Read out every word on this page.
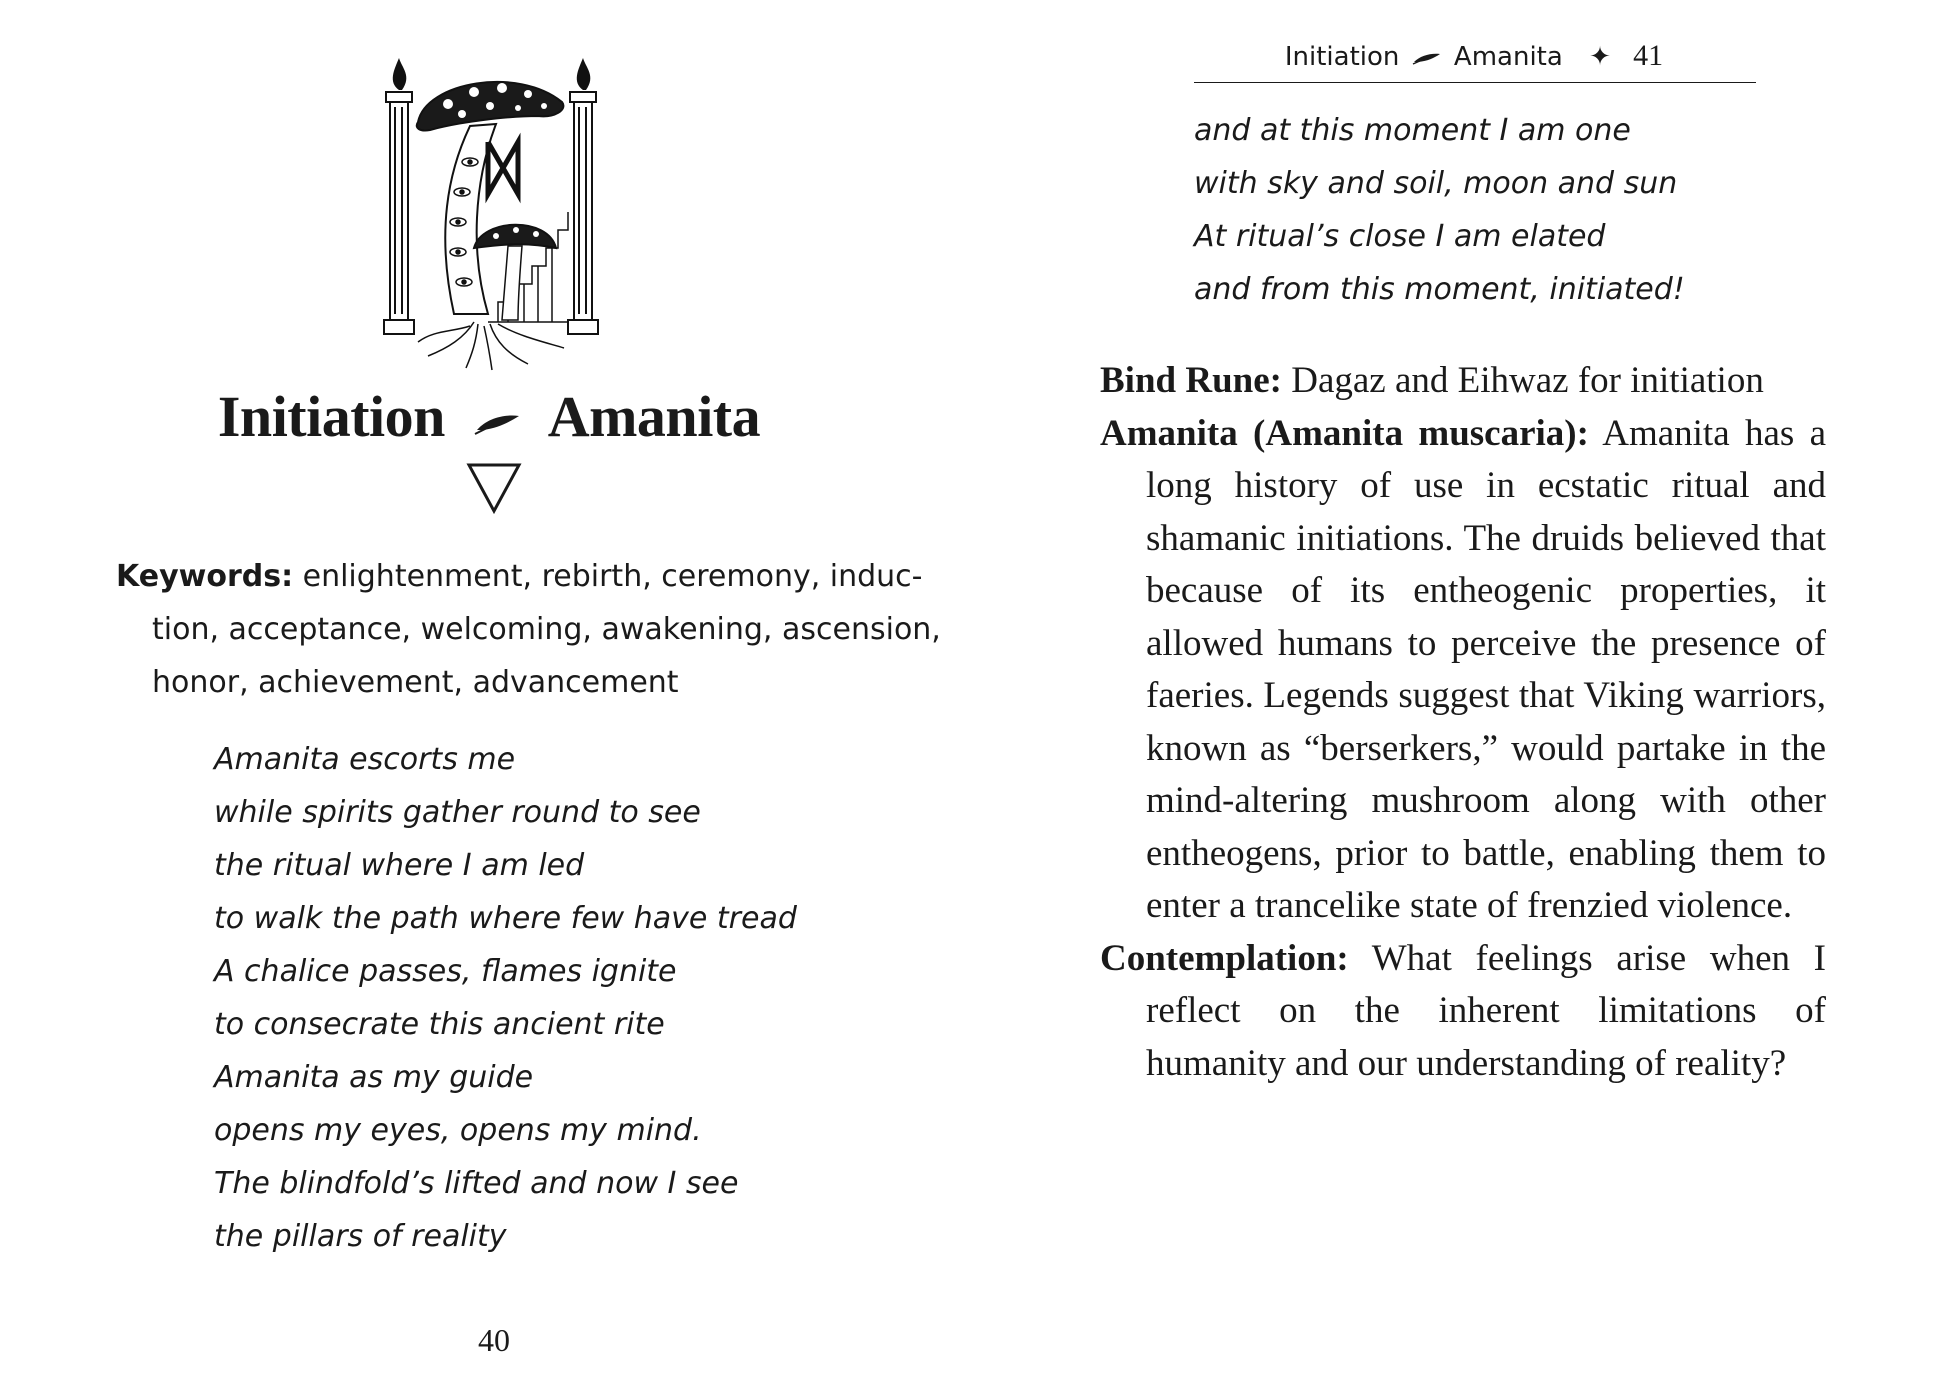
Initiation Amanita
Keywords: enlightenment, rebirth, ceremony, induc-
tion, acceptance, welcoming, awakening, ascension,
honor, achievement, advancement
Amanita escorts me
while spirits gather round to see
the ritual where I am led
to walk the path where few have tread
A chalice passes, flames ignite
to consecrate this ancient rite
Amanita as my guide
opens my eyes, opens my mind.
The blindfold’s lifted and now I see
the pillars of reality
40
Initiation Amanita ✦ 41
and at this moment I am one
with sky and soil, moon and sun
At ritual’s close I am elated
and from this moment, initiated!

Bind Rune: Dagaz and Eihwaz for initiation

Amanita (Amanita muscaria): Amanita has a long history of use in ecstatic ritual and shamanic initiations. The druids believed that because of its entheogenic properties, it allowed humans to perceive the presence of faeries. Legends suggest that Viking warriors, known as “berserkers,” would partake in the mind-altering mushroom along with other entheogens, prior to battle, enabling them to enter a trancelike state of frenzied violence.

Contemplation: What feelings arise when I reflect on the inherent limitations of humanity and our understanding of reality?
